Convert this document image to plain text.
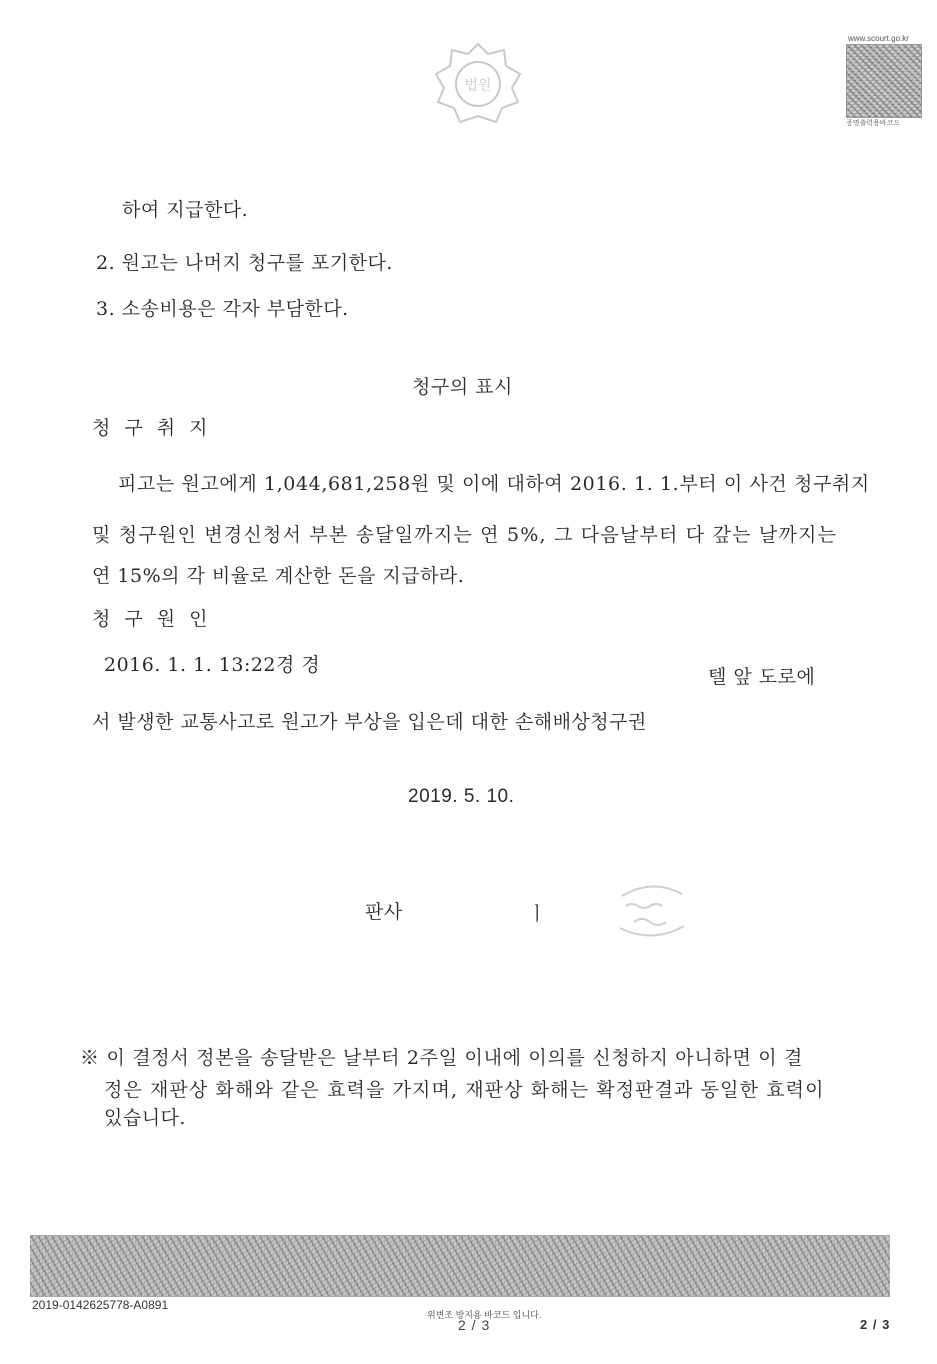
법원
www.scourt.go.kr
증명출력용바코드
하여 지급한다.
2. 원고는 나머지 청구를 포기한다.
3. 소송비용은 각자 부담한다.
청구의 표시
청 구 취 지
피고는 원고에게 1,044,681,258원 및 이에 대하여 2016. 1. 1.부터 이 사건 청구취지
및 청구원인 변경신청서 부본 송달일까지는 연 5%, 그 다음날부터 다 갚는 날까지는
연 15%의 각 비율로 계산한 돈을 지급하라.
청 구 원 인
2016. 1. 1. 13:22경 경
텔 앞 도로에
서 발생한 교통사고로 원고가 부상을 입은데 대한 손해배상청구권
2019. 5. 10.
판사	ㅣ
※ 이 결정서 정본을 송달받은 날부터 2주일 이내에 이의를 신청하지 아니하면 이 결
정은 재판상 화해와 같은 효력을 가지며, 재판상 화해는 확정판결과 동일한 효력이
있습니다.
2019-0142625778-A0891
위변조 방지용 바코드 입니다.
2 / 3	2 / 3
